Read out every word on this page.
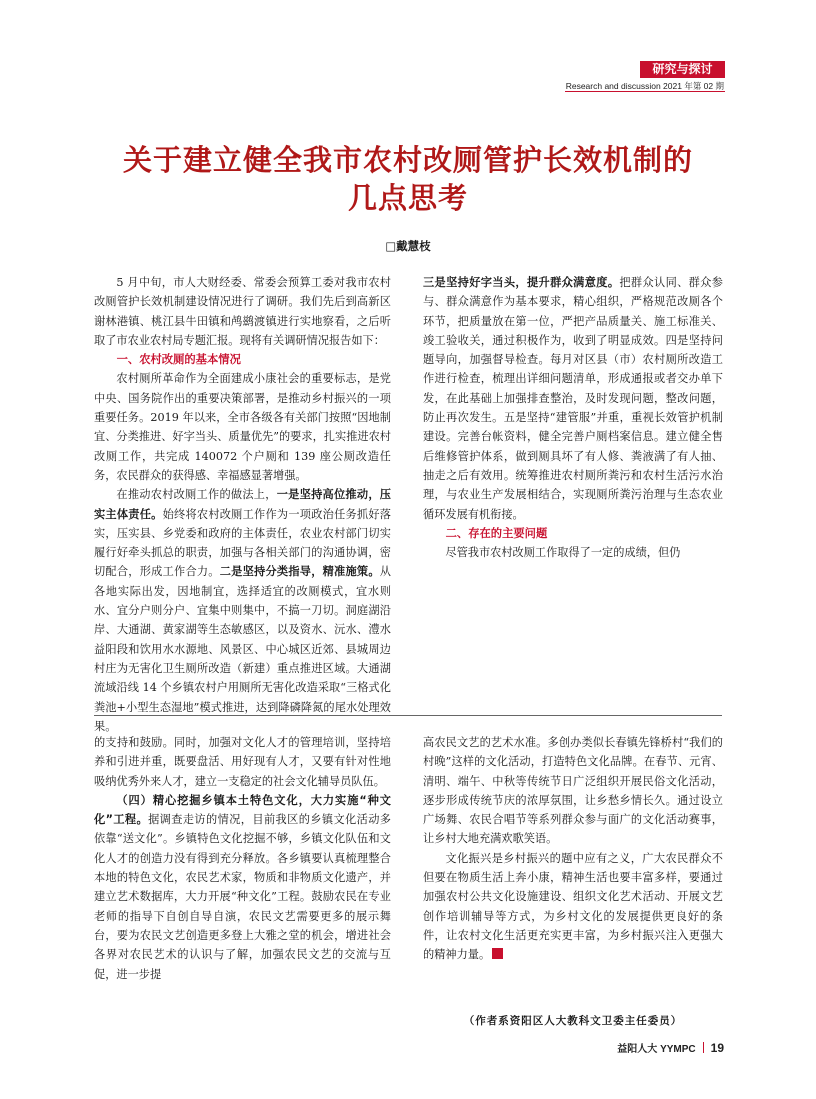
研究与探讨
Research and discussion 2021 年第 02 期
关于建立健全我市农村改厕管护长效机制的
几点思考
□戴慧枝

5 月中旬，市人大财经委、常委会预算工委对我市农村改厕管护长效机制建设情况进行了调研。我们先后到高新区谢林港镇、桃江县牛田镇和鸬鹚渡镇进行实地察看，之后听取了市农业农村局专题汇报。现将有关调研情况报告如下：

一、农村改厕的基本情况

农村厕所革命作为全面建成小康社会的重要标志，是党中央、国务院作出的重要决策部署，是推动乡村振兴的一项重要任务。2019 年以来，全市各级各有关部门按照“因地制宜、分类推进、好字当头、质量优先”的要求，扎实推进农村改厕工作，共完成 140072 个户厕和 139 座公厕改造任务，农民群众的获得感、幸福感显著增强。

在推动农村改厕工作的做法上，一是坚持高位推动，压实主体责任。始终将农村改厕工作作为一项政治任务抓好落实，压实县、乡党委和政府的主体责任，农业农村部门切实履行好牵头抓总的职责，加强与各相关部门的沟通协调，密切配合，形成工作合力。二是坚持分类指导，精准施策。从各地实际出发，因地制宜，选择适宜的改厕模式，宜水则水、宜分户则分户、宜集中则集中，不搞一刀切。洞庭湖沿岸、大通湖、黄家湖等生态敏感区，以及资水、沅水、澧水益阳段和饮用水水源地、风景区、中心城区近郊、县城周边村庄为无害化卫生厕所改造（新建）重点推进区域。大通湖流域沿线 14 个乡镇农村户用厕所无害化改造采取“三格式化粪池+小型生态湿地”模式推进，达到降磷降氮的尾水处理效果。

三是坚持好字当头，提升群众满意度。把群众认同、群众参与、群众满意作为基本要求，精心组织，严格规范改厕各个环节，把质量放在第一位，严把产品质量关、施工标准关、竣工验收关，通过积极作为，收到了明显成效。四是坚持问题导向，加强督导检查。每月对区县（市）农村厕所改造工作进行检查，梳理出详细问题清单，形成通报或者交办单下发，在此基础上加强排查整治，及时发现问题，整改问题，防止再次发生。五是坚持“建管服”并重，重视长效管护机制建设。完善台帐资料，健全完善户厕档案信息。建立健全售后维修管护体系，做到厕具坏了有人修、粪液满了有人抽、抽走之后有效用。统筹推进农村厕所粪污和农村生活污水治理，与农业生产发展相结合，实现厕所粪污治理与生态农业循环发展有机衔接。

二、存在的主要问题

尽管我市农村改厕工作取得了一定的成绩，但仍

的支持和鼓励。同时，加强对文化人才的管理培训，坚持培养和引进并重，既要盘活、用好现有人才，又要有针对性地吸纳优秀外来人才，建立一支稳定的社会文化辅导员队伍。

（四）精心挖掘乡镇本土特色文化，大力实施“种文化”工程。据调查走访的情况，目前我区的乡镇文化活动多依靠“送文化”。乡镇特色文化挖掘不够，乡镇文化队伍和文化人才的创造力没有得到充分释放。各乡镇要认真梳理整合本地的特色文化，农民艺术家，物质和非物质文化遗产，并建立艺术数据库，大力开展“种文化”工程。鼓励农民在专业老师的指导下自创自导自演，农民文艺需要更多的展示舞台，要为农民文艺创造更多登上大雅之堂的机会，增进社会各界对农民艺术的认识与了解，加强农民文艺的交流与互促，进一步提

高农民文艺的艺术水准。多创办类似长春镇先锋桥村“我们的村晚”这样的文化活动，打造特色文化品牌。在春节、元宵、清明、端午、中秋等传统节日广泛组织开展民俗文化活动，逐步形成传统节庆的浓厚氛围，让乡愁乡情长久。通过设立广场舞、农民合唱节等系列群众参与面广的文化活动赛事，让乡村大地充满欢歌笑语。

文化振兴是乡村振兴的题中应有之义，广大农民群众不但要在物质生活上奔小康，精神生活也要丰富多样，要通过加强农村公共文化设施建设、组织文化艺术活动、开展文艺创作培训辅导等方式，为乡村文化的发展提供更良好的条件，让农村文化生活更充实更丰富，为乡村振兴注入更强大的精神力量。

（作者系资阳区人大教科文卫委主任委员）
益阳人大 YYMPC 19
